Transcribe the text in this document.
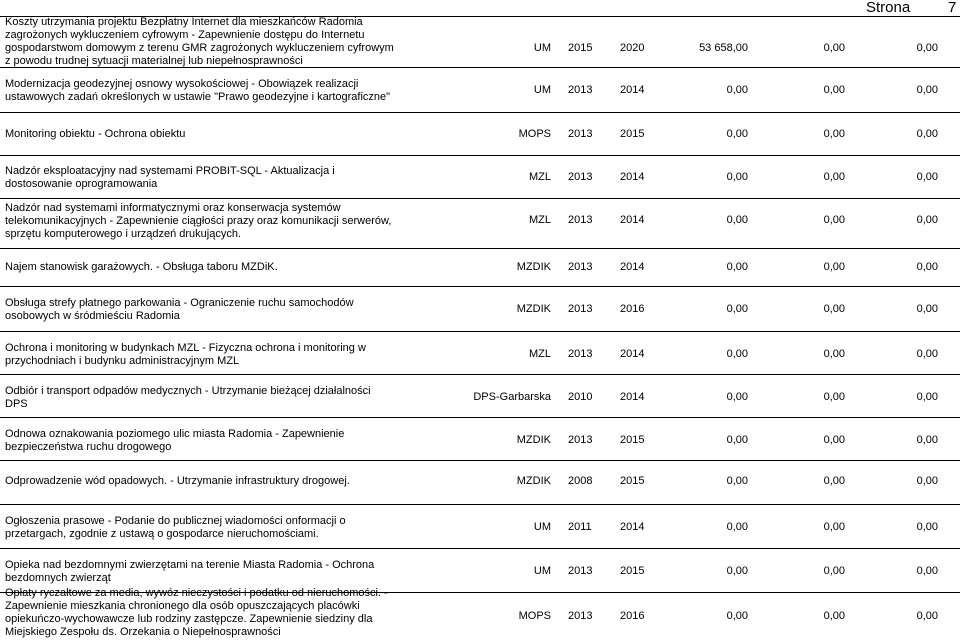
Strona	7
Koszty utrzymania projektu Bezpłatny Internet dla mieszkańców Radomia
zagrożonych wykluczeniem cyfrowym - Zapewnienie dostępu do Internetu
gospodarstwom domowym z terenu GMR zagrożonych wykluczeniem cyfrowym
z powodu trudnej sytuacji materialnej lub niepełnosprawności
UM 2015	2020	53 658,00	0,00	0,00
Modernizacja geodezyjnej osnowy wysokościowej - Obowiązek realizacji
ustawowych zadań określonych w ustawie "Prawo geodezyjne i kartograficzne"
UM 2013	2014	0,00	0,00	0,00
Monitoring obiektu - Ochrona obiektu	MOPS 2013	2015	0,00	0,00	0,00
Nadzór eksploatacyjny nad systemami PROBIT-SQL - Aktualizacja i
dostosowanie oprogramowania
MZL 2013	2014	0,00	0,00	0,00
Nadzór nad systemami informatycznymi oraz konserwacja systemów
telekomunikacyjnych - Zapewnienie ciągłości prazy oraz komunikacji serwerów,
sprzętu komputerowego i urządzeń drukujących.
MZL 2013	2014	0,00	0,00	0,00
Najem stanowisk garażowych. - Obsługa taboru MZDiK.	MZDIK 2013	2014	0,00	0,00	0,00
Obsługa strefy płatnego parkowania - Ograniczenie ruchu samochodów
osobowych w śródmieściu Radomia
MZDIK 2013	2016	0,00	0,00	0,00
Ochrona i monitoring w budynkach MZL - Fizyczna ochrona i monitoring w
przychodniach i budynku administracyjnym MZL
MZL 2013	2014	0,00	0,00	0,00
Odbiór i transport odpadów medycznych - Utrzymanie bieżącej działalności
DPS
DPS-Garbarska 2010	2014	0,00	0,00	0,00
Odnowa oznakowania poziomego ulic miasta Radomia - Zapewnienie
bezpieczeństwa ruchu drogowego
MZDIK 2013	2015	0,00	0,00	0,00
Odprowadzenie wód opadowych. - Utrzymanie infrastruktury drogowej.	MZDIK 2008	2015	0,00	0,00	0,00
Ogłoszenia prasowe - Podanie do publicznej wiadomości onformacji o
przetargach, zgodnie z ustawą o gospodarce nieruchomościami.
UM 2011	2014	0,00	0,00	0,00
Opieka nad bezdomnymi zwierzętami na terenie Miasta Radomia - Ochrona
bezdomnych zwierząt
UM 2013	2015	0,00	0,00	0,00
Opłaty ryczałtowe za media, wywóz nieczystości i podatku od nieruchomości. -
Zapewnienie mieszkania chronionego dla osób opuszczających placówki
opiekuńczo-wychowawcze lub rodziny zastępcze. Zapewnienie siedziny dla
Miejskiego Zespołu ds. Orzekania o Niepełnosprawności
MOPS 2013	2016	0,00	0,00	0,00
